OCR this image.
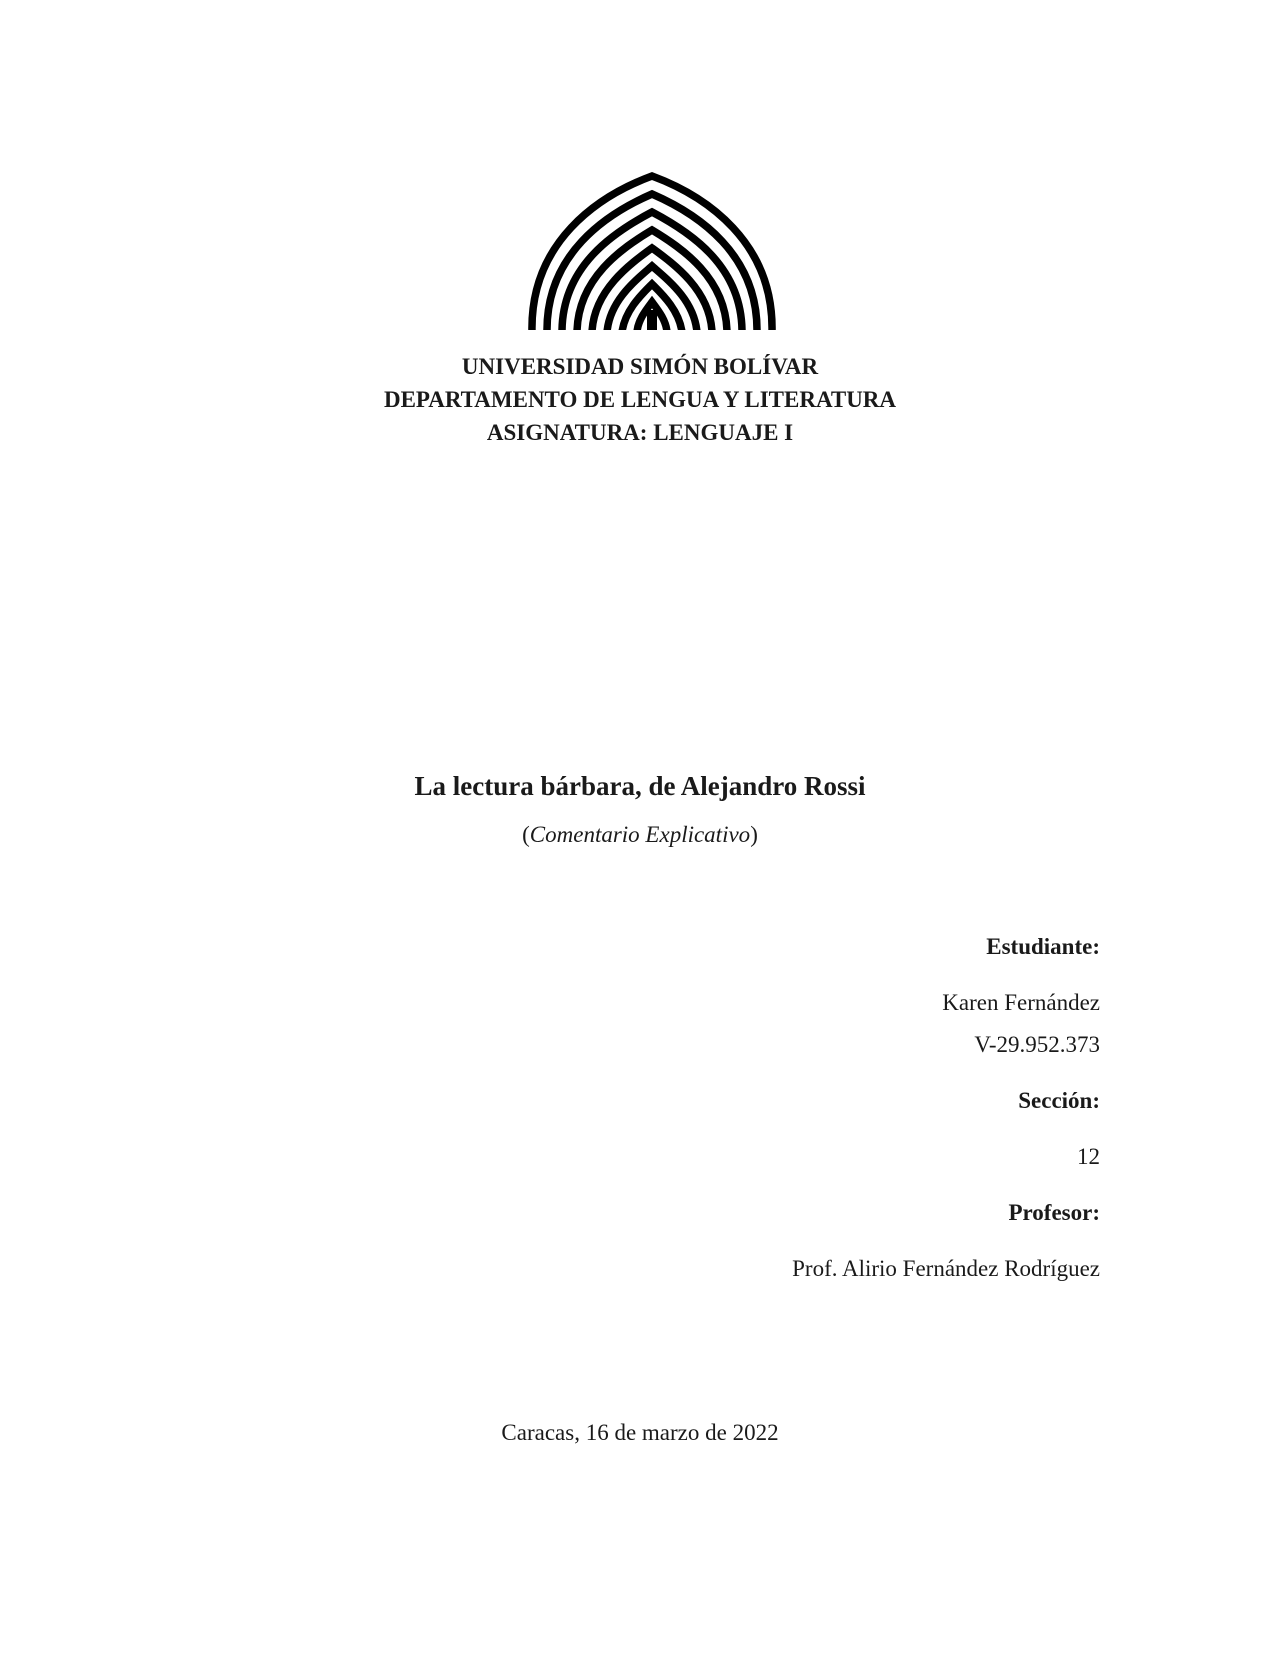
UNIVERSIDAD SIMÓN BOLÍVAR
DEPARTAMENTO DE LENGUA Y LITERATURA
ASIGNATURA: LENGUAJE I
La lectura bárbara, de Alejandro Rossi
(Comentario Explicativo)
Estudiante:
Karen Fernández
V-29.952.373
Sección:
12
Profesor:
Prof. Alirio Fernández Rodríguez
Caracas, 16 de marzo de 2022
